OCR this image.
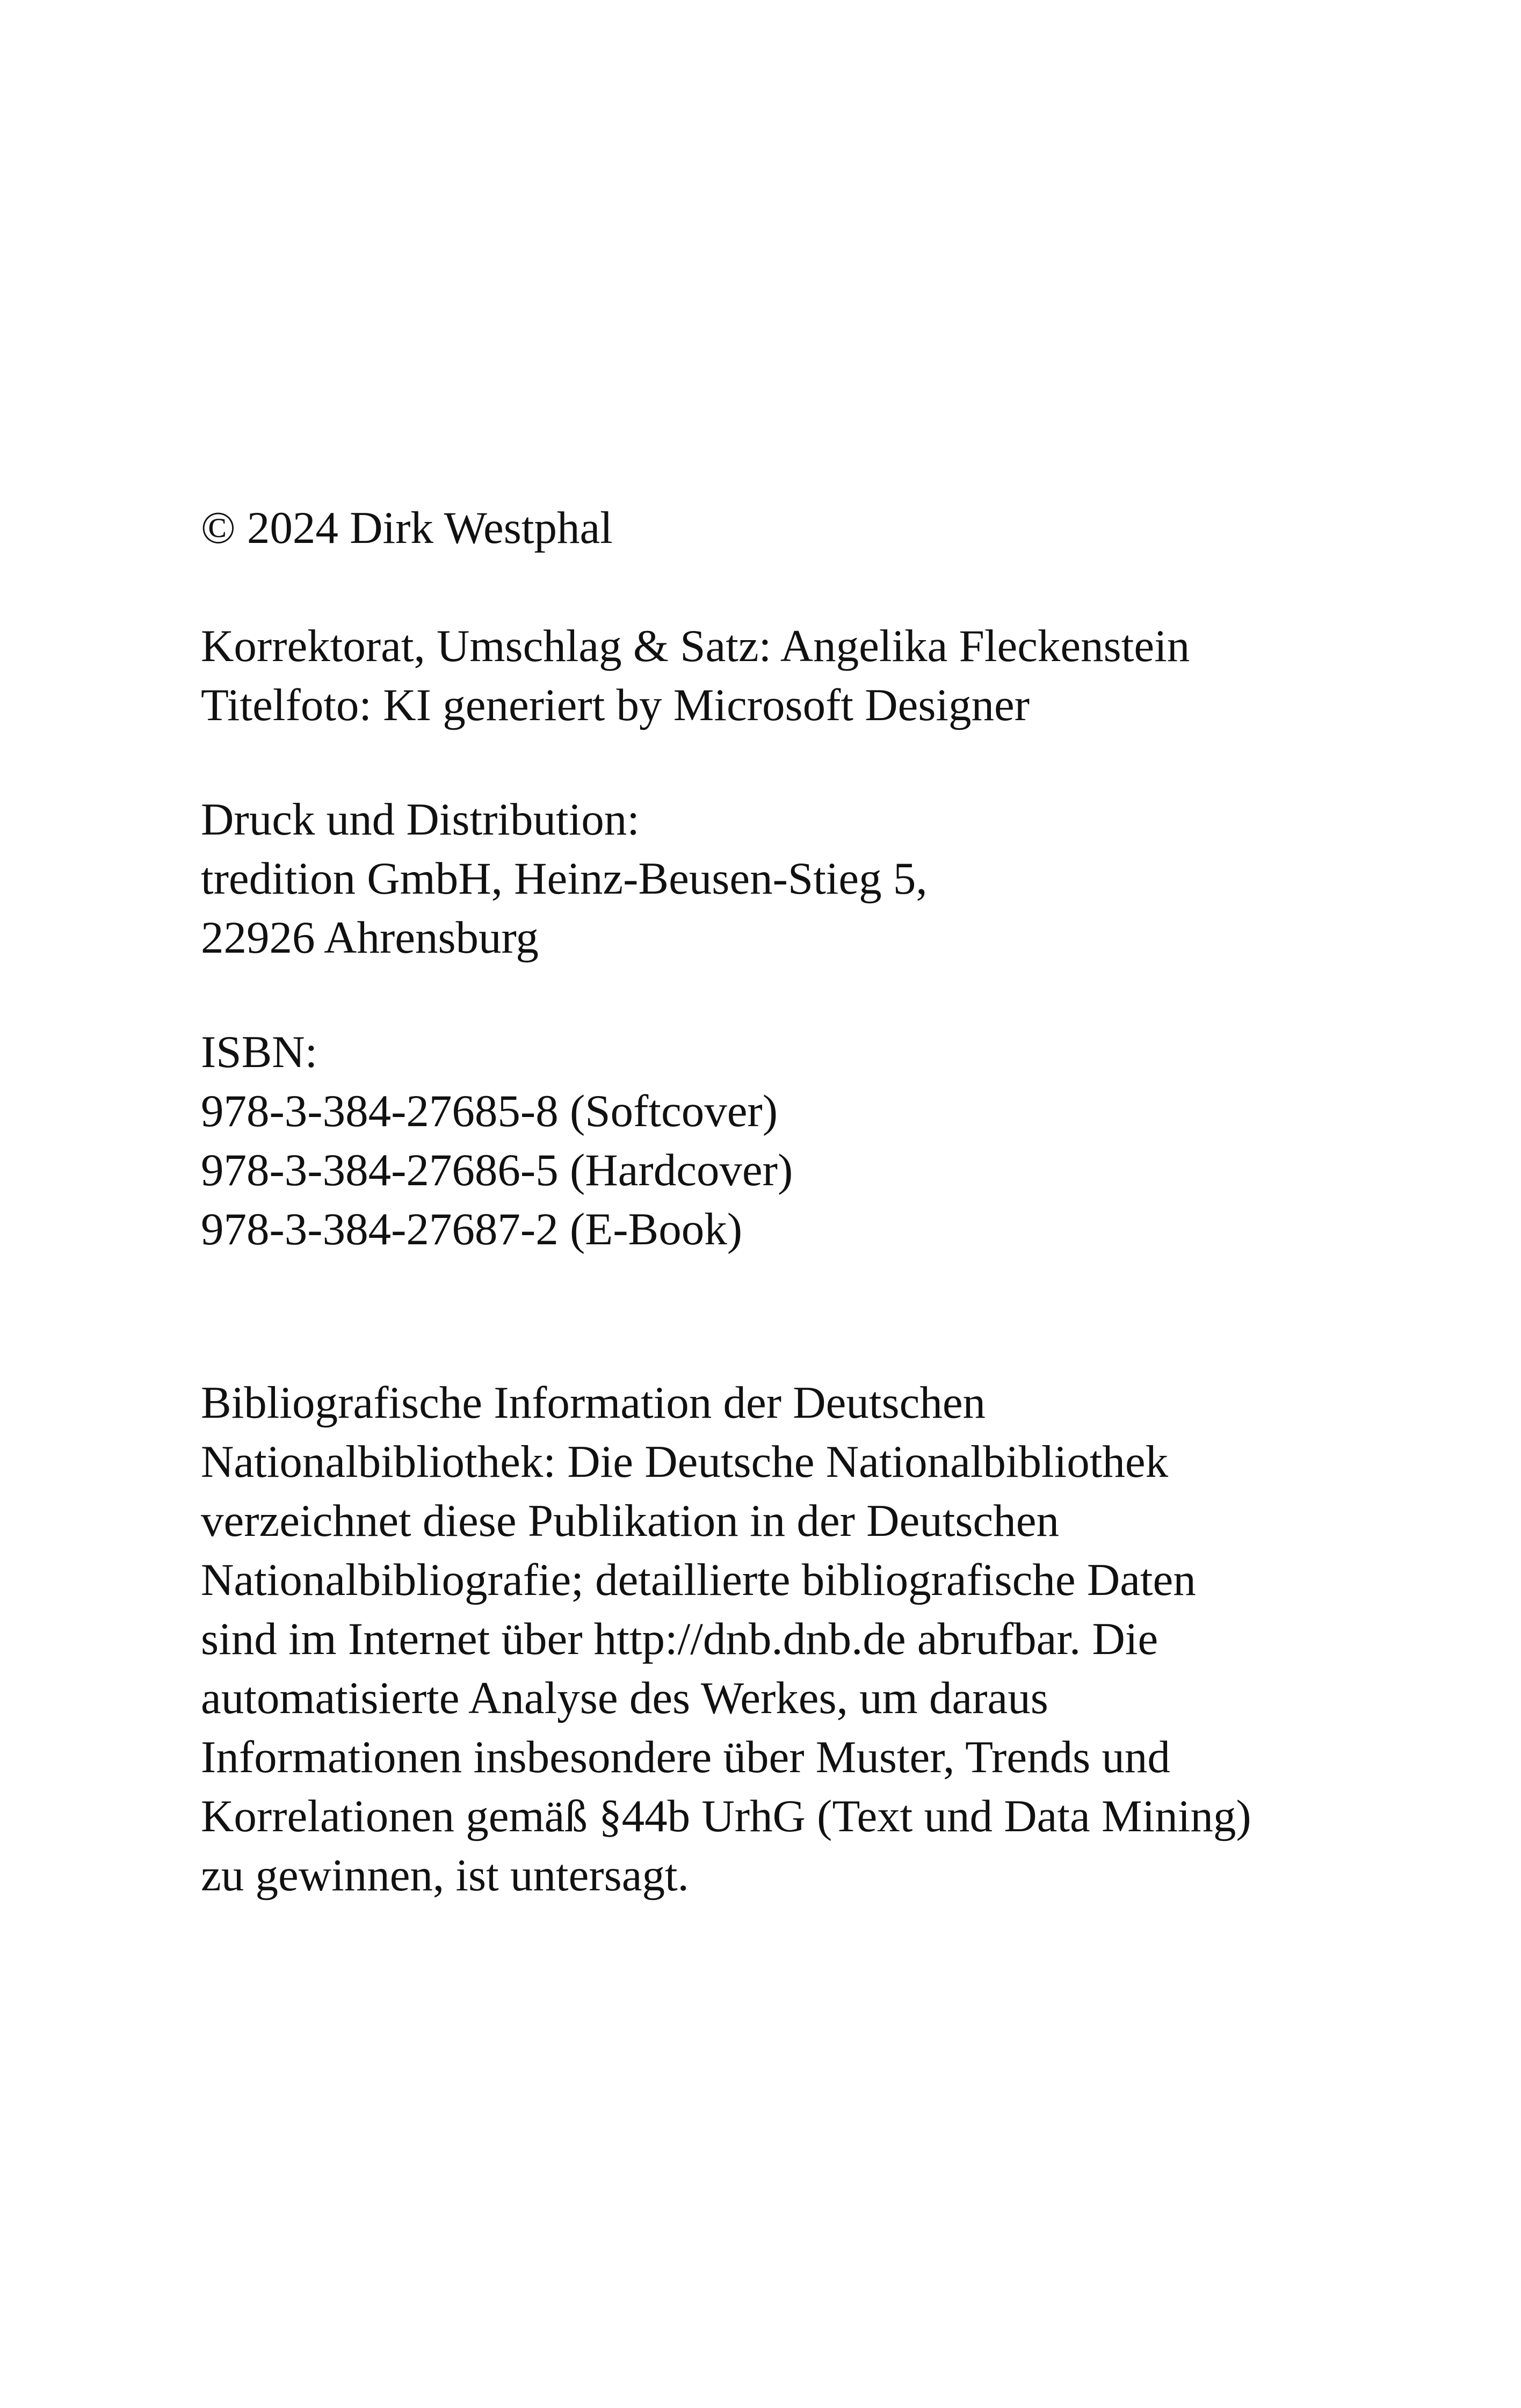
© 2024 Dirk Westphal

Korrektorat, Umschlag & Satz: Angelika Fleckenstein
Titelfoto: KI generiert by Microsoft Designer

Druck und Distribution:
tredition GmbH, Heinz-Beusen-Stieg 5,
22926 Ahrensburg

ISBN:
978-3-384-27685-8 (Softcover)
978-3-384-27686-5 (Hardcover)
978-3-384-27687-2 (E-Book)

Bibliografische Information der Deutschen
Nationalbibliothek: Die Deutsche Nationalbibliothek
verzeichnet diese Publikation in der Deutschen
Nationalbibliografie; detaillierte bibliografische Daten
sind im Internet über http://dnb.dnb.de abrufbar. Die
automatisierte Analyse des Werkes, um daraus
Informationen insbesondere über Muster, Trends und
Korrelationen gemäß §44b UrhG (Text und Data Mining)
zu gewinnen, ist untersagt.
